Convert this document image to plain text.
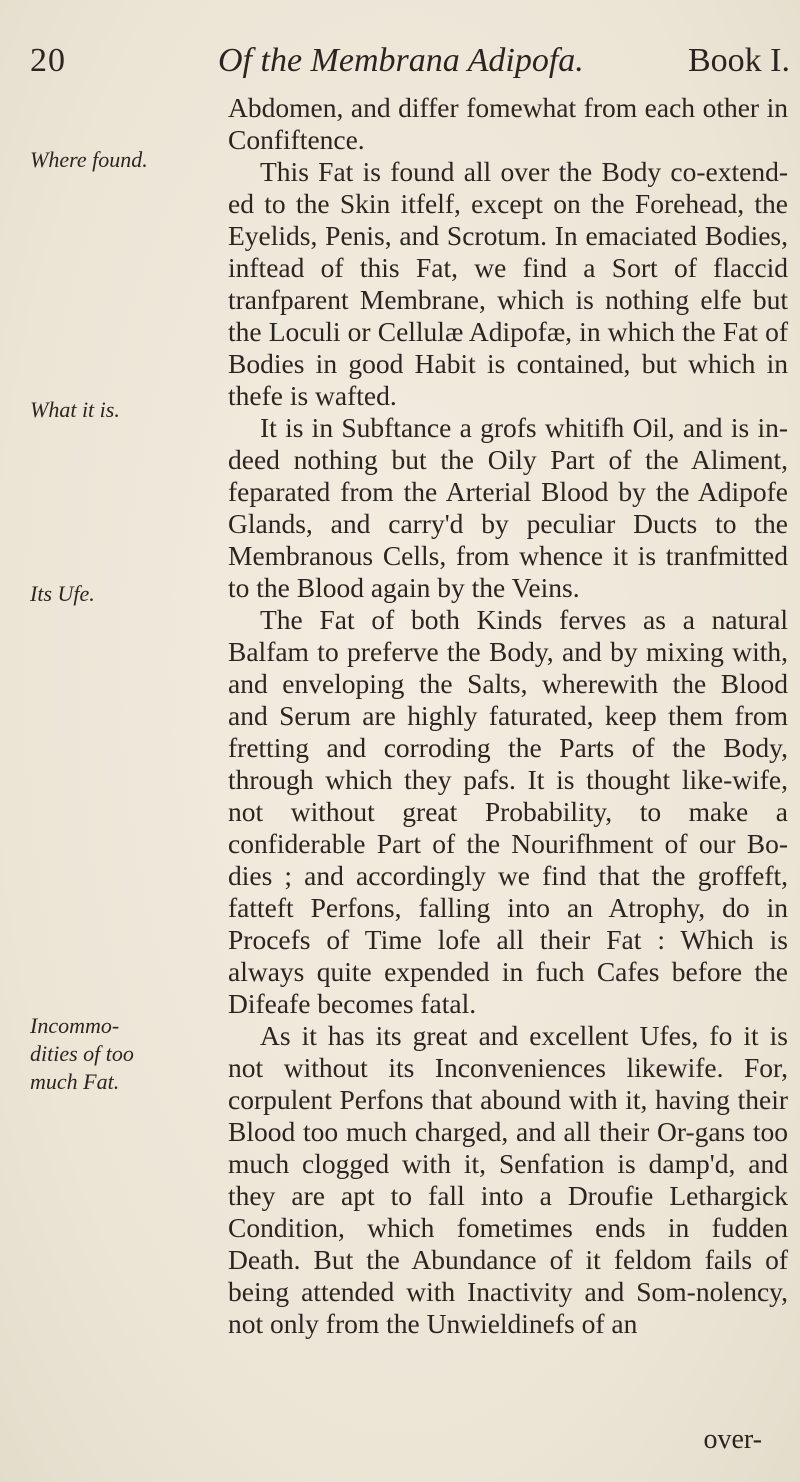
20	Of the Membrana Adipofa.	Book I.
Where found.
What it is.
Its Ufe.
Incommo-dities of too much Fat.

Abdomen, and differ fomewhat from each other in Confiftence.

This Fat is found all over the Body co-extend-ed to the Skin itfelf, except on the Forehead, the Eyelids, Penis, and Scrotum. In emaciated Bodies, inftead of this Fat, we find a Sort of flaccid tranfparent Membrane, which is nothing elfe but the Loculi or Cellulæ Adipofæ, in which the Fat of Bodies in good Habit is contained, but which in thefe is wafted.

It is in Subftance a grofs whitifh Oil, and is in-deed nothing but the Oily Part of the Aliment, feparated from the Arterial Blood by the Adipofe Glands, and carry'd by peculiar Ducts to the Membranous Cells, from whence it is tranfmitted to the Blood again by the Veins.

The Fat of both Kinds ferves as a natural Balfam to preferve the Body, and by mixing with, and enveloping the Salts, wherewith the Blood and Serum are highly faturated, keep them from fretting and corroding the Parts of the Body, through which they pafs. It is thought like-wife, not without great Probability, to make a confiderable Part of the Nourifhment of our Bo-dies ; and accordingly we find that the groffeft, fatteft Perfons, falling into an Atrophy, do in Procefs of Time lofe all their Fat : Which is always quite expended in fuch Cafes before the Difeafe becomes fatal.

As it has its great and excellent Ufes, fo it is not without its Inconveniences likewife. For, corpulent Perfons that abound with it, having their Blood too much charged, and all their Or-gans too much clogged with it, Senfation is damp'd, and they are apt to fall into a Droufie Lethargick Condition, which fometimes ends in fudden Death. But the Abundance of it feldom fails of being attended with Inactivity and Som-nolency, not only from the Unwieldinefs of an

over-
